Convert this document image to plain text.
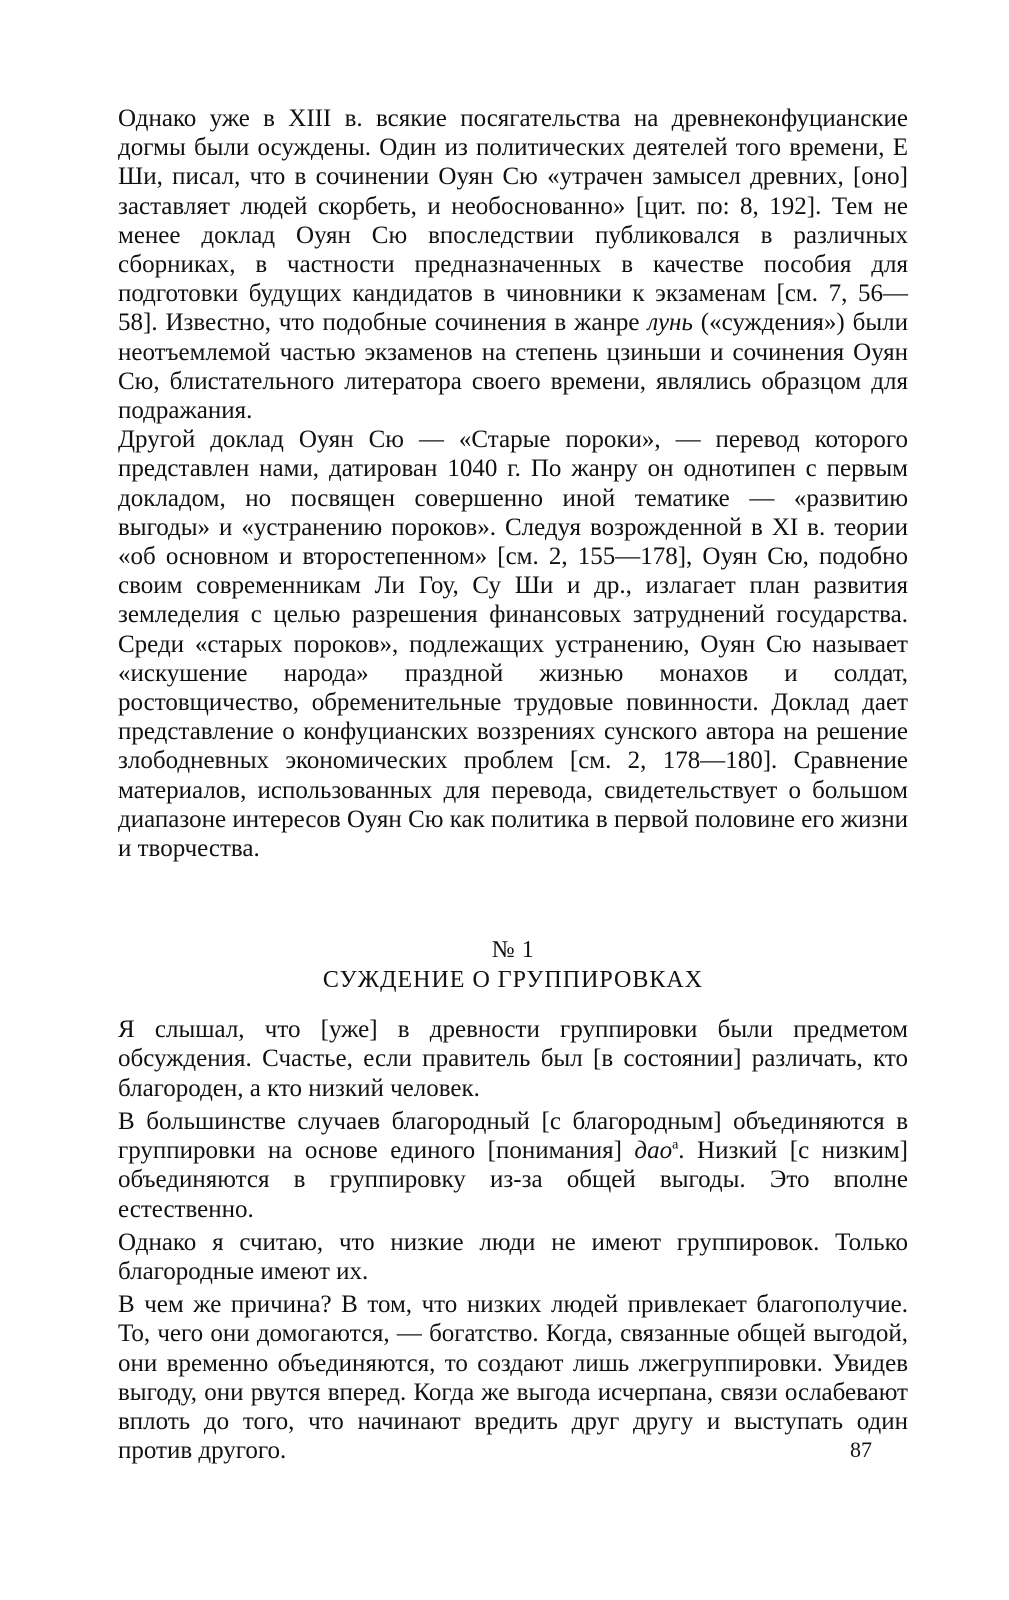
Однако уже в XIII в. всякие посягательства на древнеконфуцианские догмы были осуждены. Один из политических деятелей того времени, Е Ши, писал, что в сочинении Оуян Сю «утрачен замысел древних, [оно] заставляет людей скорбеть, и необоснованно» [цит. по: 8, 192]. Тем не менее доклад Оуян Сю впоследствии публиковался в различных сборниках, в частности предназначенных в качестве пособия для подготовки будущих кандидатов в чиновники к экзаменам [см. 7, 56—58]. Известно, что подобные сочинения в жанре лунь («суждения») были неотъемлемой частью экзаменов на степень цзиньши и сочинения Оуян Сю, блистательного литератора своего времени, являлись образцом для подражания.

Другой доклад Оуян Сю — «Старые пороки», — перевод которого представлен нами, датирован 1040 г. По жанру он однотипен с первым докладом, но посвящен совершенно иной тематике — «развитию выгоды» и «устранению пороков». Следуя возрожденной в XI в. теории «об основном и второстепенном» [см. 2, 155—178], Оуян Сю, подобно своим современникам Ли Гоу, Су Ши и др., излагает план развития земледелия с целью разрешения финансовых затруднений государства. Среди «старых пороков», подлежащих устранению, Оуян Сю называет «искушение народа» праздной жизнью монахов и солдат, ростовщичество, обременительные трудовые повинности. Доклад дает представление о конфуцианских воззрениях сунского автора на решение злободневных экономических проблем [см. 2, 178—180]. Сравнение материалов, использованных для перевода, свидетельствует о большом диапазоне интересов Оуян Сю как политика в первой половине его жизни и творчества.

№ 1

СУЖДЕНИЕ О ГРУППИРОВКАХ

Я слышал, что [уже] в древности группировки были предметом обсуждения. Счастье, если правитель был [в состоянии] различать, кто благороден, а кто низкий человек.

В большинстве случаев благородный [с благородным] объединяются в группировки на основе единого [понимания] дао$^а$. Низкий [с низким] объединяются в группировку из-за общей выгоды. Это вполне естественно.

Однако я считаю, что низкие люди не имеют группировок. Только благородные имеют их.

В чем же причина? В том, что низких людей привлекает благополучие. То, чего они домогаются, — богатство. Когда, связанные общей выгодой, они временно объединяются, то создают лишь лжегруппировки. Увидев выгоду, они рвутся вперед. Когда же выгода исчерпана, связи ослабевают вплоть до того, что начинают вредить друг другу и выступать один против другого.	87
